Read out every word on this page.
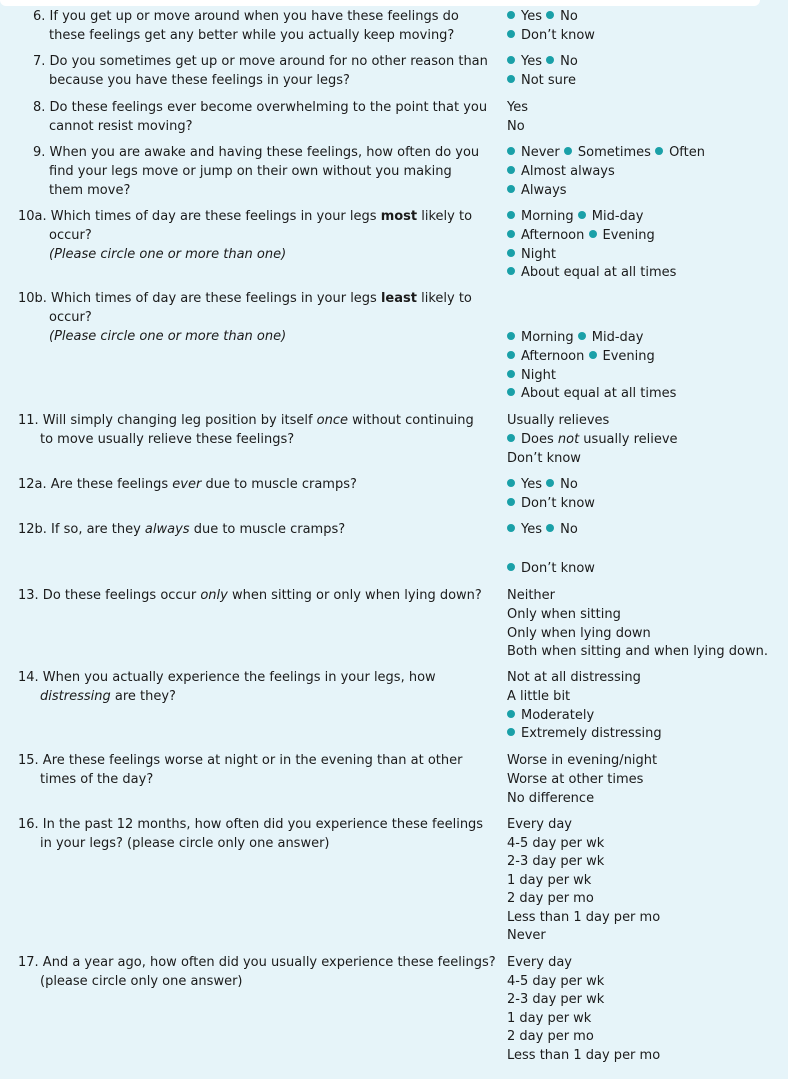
6. If you get up or move around when you have these feelings do
these feelings get any better while you actually keep moving?
Yes No
Don’t know
7. Do you sometimes get up or move around for no other reason than
because you have these feelings in your legs?
Yes No
Not sure
8. Do these feelings ever become overwhelming to the point that you
cannot resist moving?
Yes
No
9. When you are awake and having these feelings, how often do you
find your legs move or jump on their own without you making
them move?
Never Sometimes Often
Almost always
Always
10a. Which times of day are these feelings in your legs most likely to
occur?
(Please circle one or more than one)
Morning Mid-day
Afternoon Evening
Night
About equal at all times
10b. Which times of day are these feelings in your legs least likely to
occur?
(Please circle one or more than one)	Morning Mid-day
Afternoon Evening
Night
About equal at all times
11. Will simply changing leg position by itself once without continuing
to move usually relieve these feelings?
Usually relieves
Does not usually relieve
Don’t know
12a. Are these feelings ever due to muscle cramps?	Yes No
Don’t know
12b. If so, are they always due to muscle cramps?	Yes No
Don’t know
13. Do these feelings occur only when sitting or only when lying down? Neither
Only when sitting
Only when lying down
Both when sitting and when lying down.
14. When you actually experience the feelings in your legs, how
distressing are they?
Not at all distressing
A little bit
Moderately
Extremely distressing
15. Are these feelings worse at night or in the evening than at other
times of the day?
Worse in evening/night
Worse at other times
No difference
16. In the past 12 months, how often did you experience these feelings
in your legs? (please circle only one answer)
Every day
4-5 day per wk
2-3 day per wk
1 day per wk
2 day per mo
Less than 1 day per mo
Never
17. And a year ago, how often did you usually experience these feelings?
(please circle only one answer)
Every day
4-5 day per wk
2-3 day per wk
1 day per wk
2 day per mo
Less than 1 day per mo
